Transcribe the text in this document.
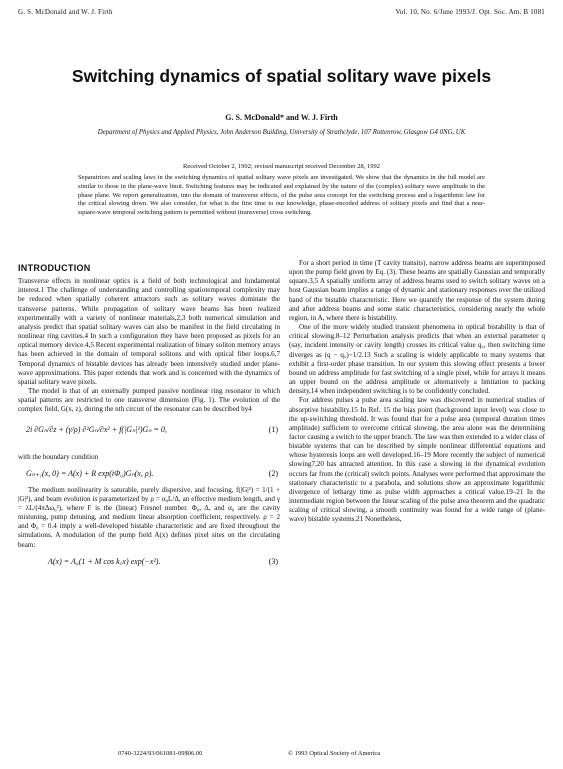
G. S. McDonald and W. J. Firth	Vol. 10, No. 6/June 1993/J. Opt. Soc. Am. B 1081
Switching dynamics of spatial solitary wave pixels
G. S. McDonald* and W. J. Firth
Department of Physics and Applied Physics, John Anderson Building, University of Strathclyde, 107 Rottenrow, Glasgow G4 0NG, UK
Received October 2, 1992; revised manuscript received December 28, 1992
Separatrices and scaling laws in the switching dynamics of spatial solitary wave pixels are investigated. We show that the dynamics in the full model are similar to those in the plane-wave limit. Switching features may be indicated and explained by the nature of the (complex) solitary wave amplitude in the phase plane. We report generalization, into the domain of transverse effects, of the pulse area concept for the switching process and a logarithmic law for the critical slowing down. We also consider, for what is the first time to our knowledge, phase-encoded address of solitary pixels and find that a near-square-wave temporal switching pattern is permitted without (transverse) cross switching.
INTRODUCTION

Transverse effects in nonlinear optics is a field of both technological and fundamental interest.1 The challenge of understanding and controlling spatiotemporal complexity may be reduced when spatially coherent attractors such as solitary waves dominate the transverse patterns. While propagation of solitary wave beams has been realized experimentally with a variety of nonlinear materials,2,3 both numerical simulation and analysis predict that spatial solitary waves can also be manifest in the field circulating in nonlinear ring cavities.4 In such a configuration they have been proposed as pixels for an optical memory device.4,5 Recent experimental realization of binary soliton memory arrays has been achieved in the domain of temporal solitons and with optical fiber loops.6,7 Temporal dynamics of bistable devices has already been intensively studied under plane-wave approximations. This paper extends that work and is concerned with the dynamics of spatial solitary wave pixels.

The model is that of an externally pumped passive nonlinear ring resonator in which spatial patterns are restricted to one transverse dimension (Fig. 1). The evolution of the complex field, G(x, z), during the nth circuit of the resonator can be described by4

2i ∂Gₙ/∂z + (γ/ρ) ∂²Gₙ/∂x² + f(|Gₙ|²)Gₙ = 0,	(1)

with the boundary condition

Gₙ₊₁(x, 0) = A(x) + R exp(iΦ₀)Gₙ(x, ρ).	(2)

The medium nonlinearity is saturable, purely dispersive, and focusing, f(|G|²) = 1/(1 + |G|²), and beam evolution is parameterized by ρ = α₀L/Δ, an effective medium length, and γ = λL/(4πΔω₀²), where F is the (linear) Fresnel number. Φ₀, Δ, and α₀ are the cavity mistuning, pump detuning, and medium linear absorption coefficient, respectively. ρ = 2 and Φ₀ = 0.4 imply a well-developed bistable characteristic and are fixed throughout the simulations. A modulation of the pump field A(x) defines pixel sites on the circulating beam:

A(x) = A₀(1 + M cos k꜀x) exp(−x²).	(3)

For a short period in time (T cavity transits), narrow address beams are superimposed upon the pump field given by Eq. (3). These beams are spatially Gaussian and temporally square.3,5 A spatially uniform array of address beams used to switch solitary waves on a host Gaussian beam implies a range of dynamic and stationary responses over the utilized band of the bistable characteristic. Here we quantify the response of the system during and after address beams and some static characteristics, considering nearly the whole region, in A, where there is bistability.

One of the more widely studied transient phenomena in optical bistability is that of critical slowing.8–12 Perturbation analysis predicts that when an external parameter q (say, incident intensity or cavity length) crosses its critical value q꜀, then switching time diverges as (q − q꜀)−1/2.13 Such a scaling is widely applicable to many systems that exhibit a first-order phase transition. In our system this slowing effect presents a lower bound on address amplitude for fast switching of a single pixel, while for arrays it means an upper bound on the address amplitude or alternatively a limitation to packing density,14 when independent switching is to be confidently concluded.

For address pulses a pulse area scaling law was discovered in numerical studies of absorptive bistability.15 In Ref. 15 the bias point (background input level) was close to the up-switching threshold. It was found that for a pulse area (temporal duration times amplitude) sufficient to overcome critical slowing, the area alone was the determining factor causing a switch to the upper branch. The law was then extended to a wider class of bistable systems that can be described by simple nonlinear differential equations and whose hysteresis loops are well developed.16–19 More recently the subject of numerical slowing7,20 has attracted attention. In this case a slowing in the dynamical evolution occurs far from the (critical) switch points. Analyses were performed that approximate the stationary characteristic to a parabola, and solutions show an approximate logarithmic divergence of lethargy time as pulse width approaches a critical value.19–21 In the intermediate region between the linear scaling of the pulse area theorem and the quadratic scaling of critical slowing, a smooth continuity was found for a wide range of (plane-wave) bistable systems.21 Nonetheless,

0740-3224/93/061081-09$06.00	© 1993 Optical Society of America
